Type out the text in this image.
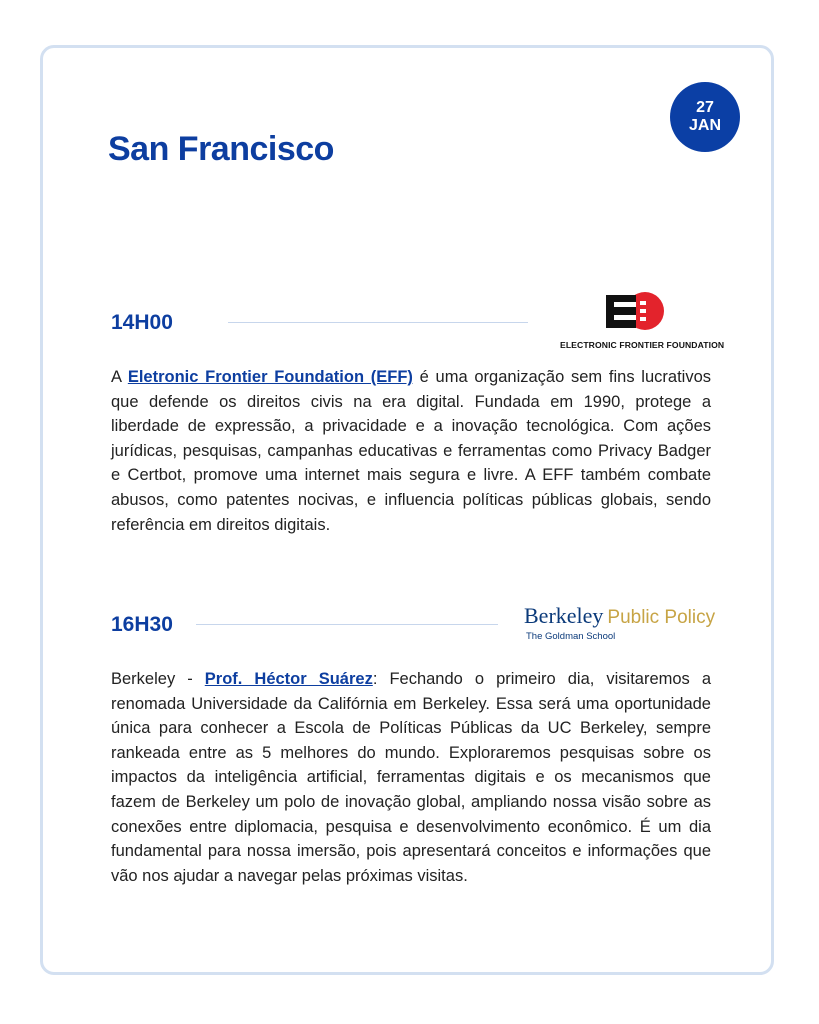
27
JAN
San Francisco
14H00
ELECTRONIC FRONTIER FOUNDATION

A Eletronic Frontier Foundation (EFF) é uma organização sem fins lucrativos que defende os direitos civis na era digital. Fundada em 1990, protege a liberdade de expressão, a privacidade e a inovação tecnológica. Com ações jurídicas, pesquisas, campanhas educativas e ferramentas como Privacy Badger e Certbot, promove uma internet mais segura e livre. A EFF também combate abusos, como patentes nocivas, e influencia políticas públicas globais, sendo referência em direitos digitais.

16H30	Berkeley Public Policy
The Goldman School

Berkeley - Prof. Héctor Suárez: Fechando o primeiro dia, visitaremos a renomada Universidade da Califórnia em Berkeley. Essa será uma oportunidade única para conhecer a Escola de Políticas Públicas da UC Berkeley, sempre rankeada entre as 5 melhores do mundo. Exploraremos pesquisas sobre os impactos da inteligência artificial, ferramentas digitais e os mecanismos que fazem de Berkeley um polo de inovação global, ampliando nossa visão sobre as conexões entre diplomacia, pesquisa e desenvolvimento econômico. É um dia fundamental para nossa imersão, pois apresentará conceitos e informações que vão nos ajudar a navegar pelas próximas visitas.
